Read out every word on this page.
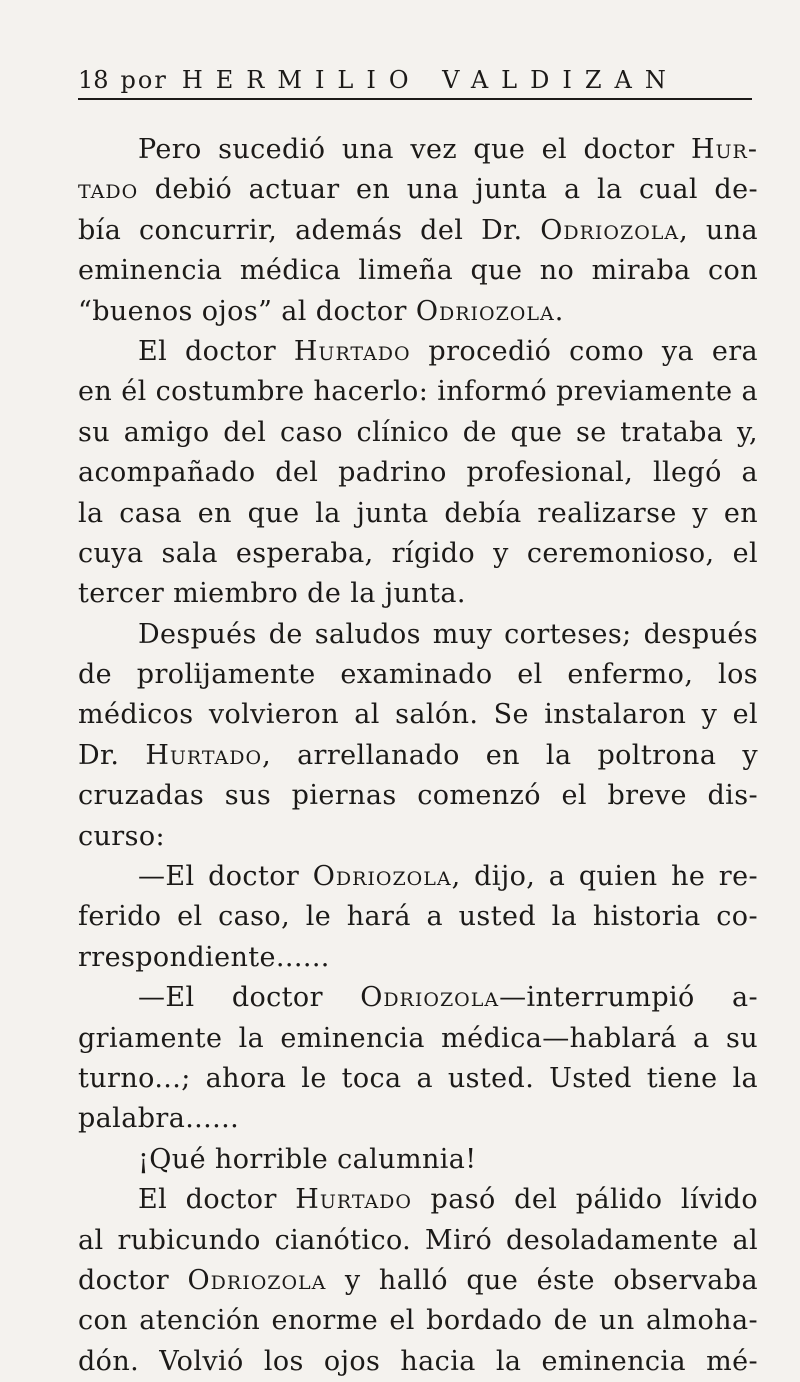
18 por HERMILIO VALDIZAN
Pero sucedió una vez que el doctor Hur-
tado debió actuar en una junta a la cual de-
bía concurrir, además del Dr. Odriozola, una
eminencia médica limeña que no miraba con
“buenos ojos” al doctor Odriozola.
El doctor Hurtado procedió como ya era
en él costumbre hacerlo: informó previamente a
su amigo del caso clínico de que se trataba y,
acompañado del padrino profesional, llegó a
la casa en que la junta debía realizarse y en
cuya sala esperaba, rígido y ceremonioso, el
tercer miembro de la junta.
Después de saludos muy corteses; después
de prolijamente examinado el enfermo, los
médicos volvieron al salón. Se instalaron y el
Dr. Hurtado, arrellanado en la poltrona y
cruzadas sus piernas comenzó el breve dis-
curso:
—El doctor Odriozola, dijo, a quien he re-
ferido el caso, le hará a usted la historia co-
rrespondiente......
—El doctor Odriozola—interrumpió a-
griamente la eminencia médica—hablará a su
turno...; ahora le toca a usted. Usted tiene la
palabra......
¡Qué horrible calumnia!
El doctor Hurtado pasó del pálido lívido
al rubicundo cianótico. Miró desoladamente al
doctor Odriozola y halló que éste observaba
con atención enorme el bordado de un almoha-
dón. Volvió los ojos hacia la eminencia mé-
